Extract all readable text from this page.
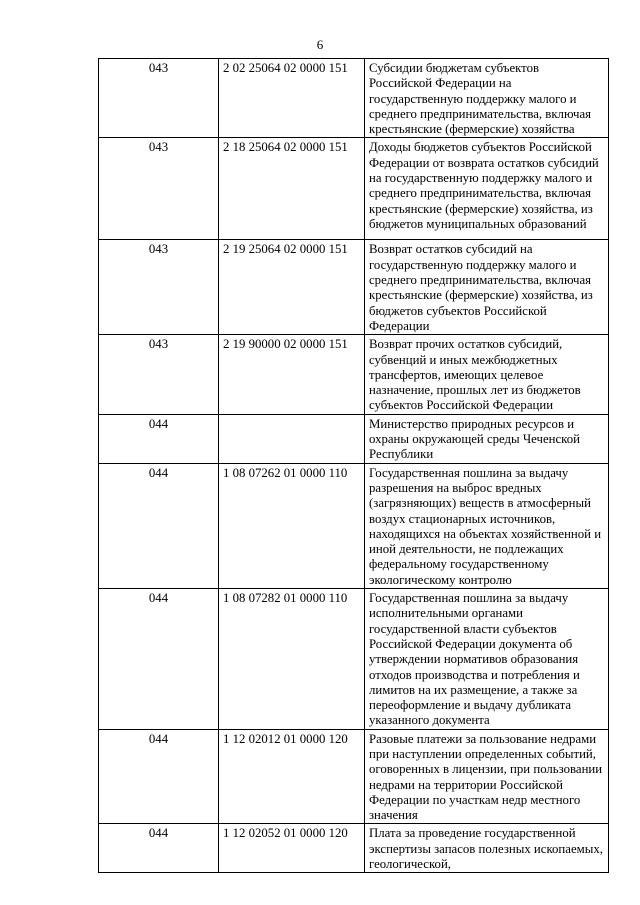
6
043	2 02 25064 02 0000 151	Субсидии бюджетам субъектов Российской Федерации на государственную поддержку малого и среднего предпринимательства, включая крестьянские (фермерские) хозяйства
043	2 18 25064 02 0000 151	Доходы бюджетов субъектов Российской Федерации от возврата остатков субсидий на государственную поддержку малого и среднего предпринимательства, включая крестьянские (фермерские) хозяйства, из бюджетов муниципальных образований
043	2 19 25064 02 0000 151	Возврат остатков субсидий на государственную поддержку малого и среднего предпринимательства, включая крестьянские (фермерские) хозяйства, из бюджетов субъектов Российской Федерации
043	2 19 90000 02 0000 151	Возврат прочих остатков субсидий, субвенций и иных межбюджетных трансфертов, имеющих целевое назначение, прошлых лет из бюджетов субъектов Российской Федерации
044		Министерство природных ресурсов и охраны окружающей среды Чеченской Республики
044	1 08 07262 01 0000 110	Государственная пошлина за выдачу разрешения на выброс вредных (загрязняющих) веществ в атмосферный воздух стационарных источников, находящихся на объектах хозяйственной и иной деятельности, не подлежащих федеральному государственному экологическому контролю
044	1 08 07282 01 0000 110	Государственная пошлина за выдачу исполнительными органами государственной власти субъектов Российской Федерации документа об утверждении нормативов образования отходов производства и потребления и лимитов на их размещение, а также за переоформление и выдачу дубликата указанного документа
044	1 12 02012 01 0000 120	Разовые платежи за пользование недрами при наступлении определенных событий, оговоренных в лицензии, при пользовании недрами на территории Российской Федерации по участкам недр местного значения
044	1 12 02052 01 0000 120	Плата за проведение государственной экспертизы запасов полезных ископаемых, геологической,
